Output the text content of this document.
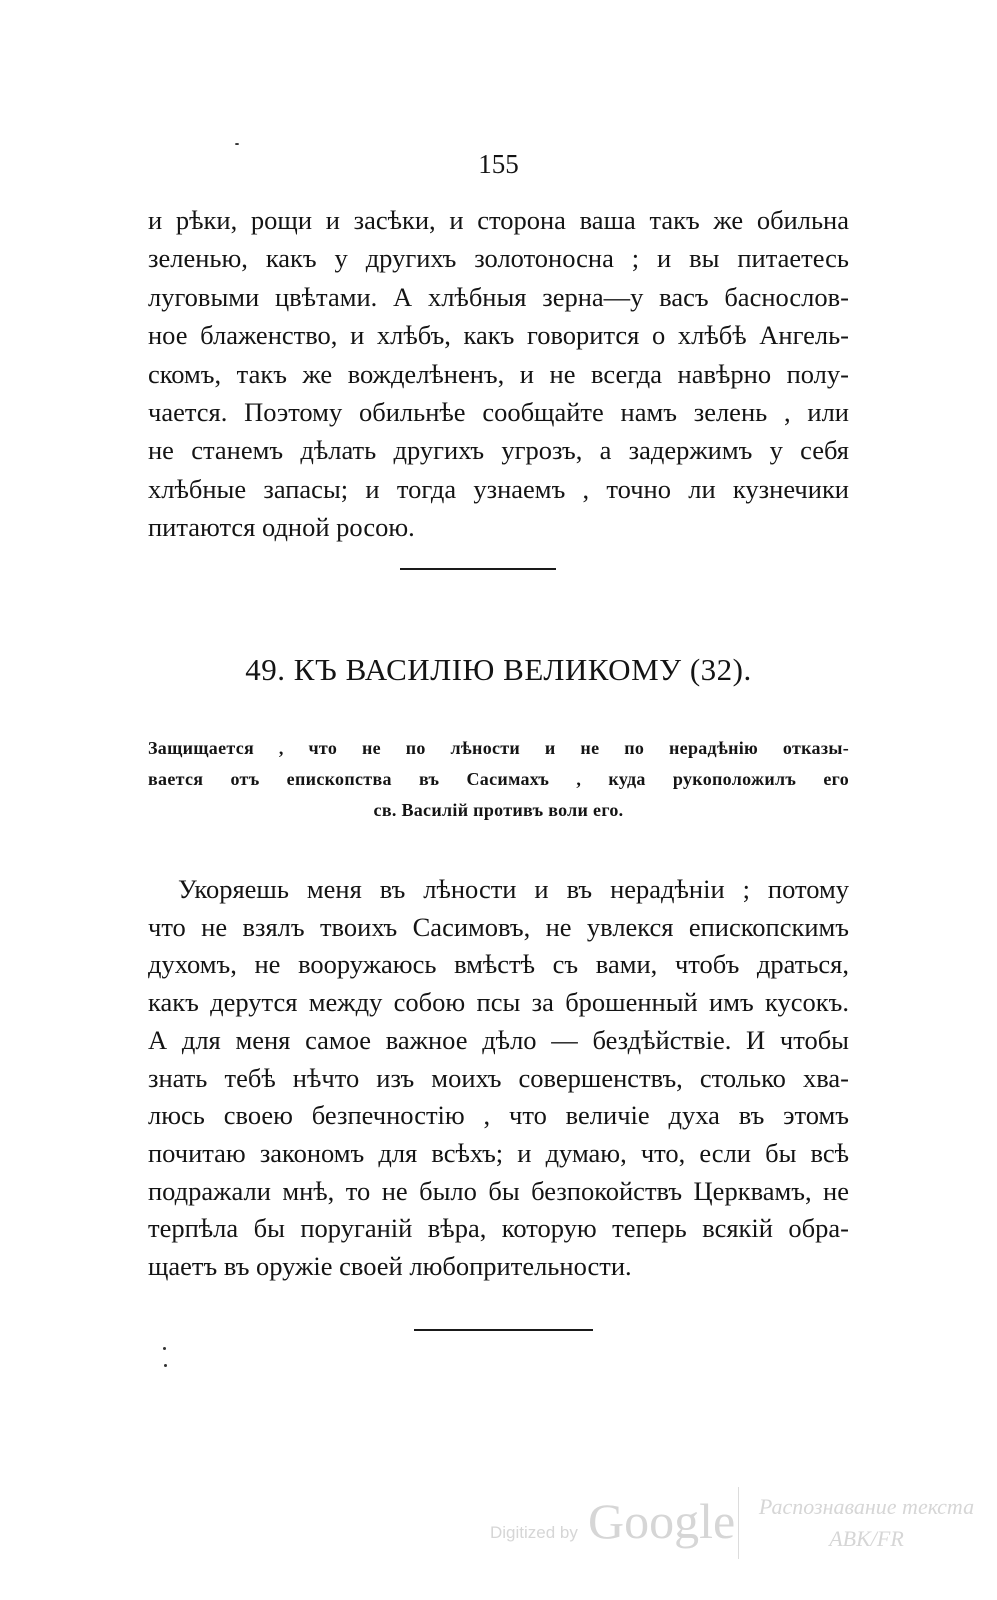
155
и рѣки, рощи и засѣки, и сторона ваша такъ же обильна
зеленью, какъ у другихъ золотоносна ; и вы питаетесь
луговыми цвѣтами. А хлѣбныя зерна—у васъ баснослов-
ное блаженство, и хлѣбъ, какъ говорится о хлѣбѣ Ангель-
скомъ, такъ же вожделѣненъ, и не всегда навѣрно полу-
чается. Поэтому обильнѣе сообщайте намъ зелень , или
не станемъ дѣлать другихъ угрозъ, а задержимъ у себя
хлѣбные запасы; и тогда узнаемъ , точно ли кузнечики
питаются одной росою.
49. КЪ ВАСИЛІЮ ВЕЛИКОМУ (32).
Защищается , что не по лѣности и не по нерадѣнію отказы-
вается отъ епископства въ Сасимахъ , куда рукоположилъ его
св. Василій противъ воли его.
Укоряешь меня въ лѣности и въ нерадѣніи ; потому
что не взялъ твоихъ Сасимовъ, не увлекся епископскимъ
духомъ, не вооружаюсь вмѣстѣ съ вами, чтобъ драться,
какъ дерутся между собою псы за брошенный имъ кусокъ.
А для меня самое важное дѣло — бездѣйствіе. И чтобы
знать тебѣ нѣчто изъ моихъ совершенствъ, столько хва-
люсь своею безпечностію , что величіе духа въ этомъ
почитаю закономъ для всѣхъ; и думаю, что, если бы всѣ
подражали мнѣ, то не было бы безпокойствъ Церквамъ, не
терпѣла бы поруганій вѣра, которую теперь всякій обра-
щаетъ въ оружіе своей любопрительности.
Digitized by Google	Распознавание текста
ABK/FR
